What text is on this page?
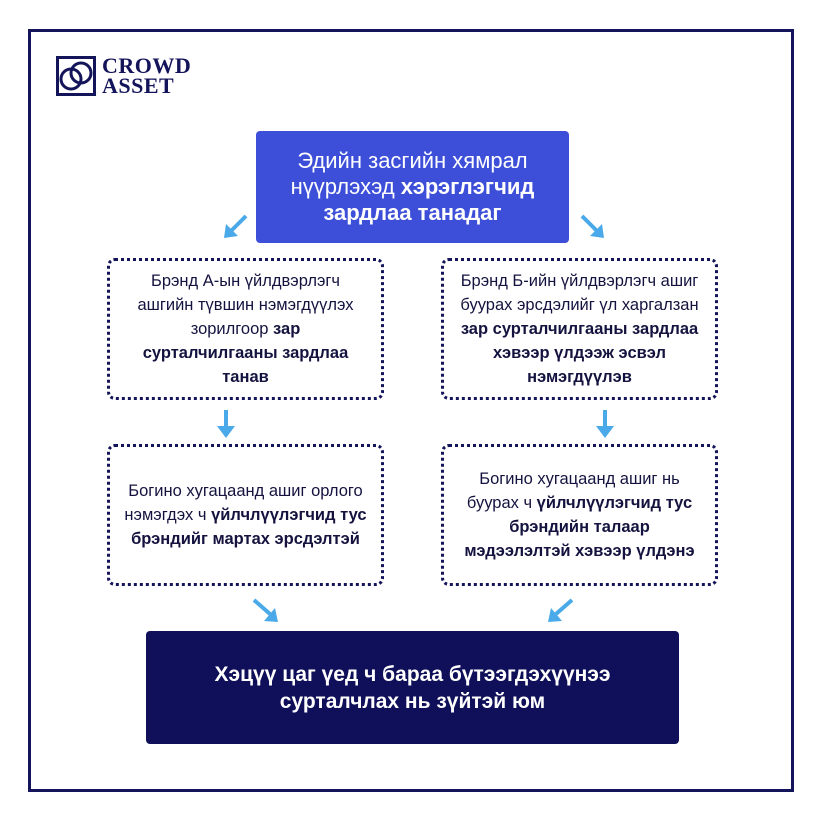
CROWD
ASSET
Эдийн засгийн хямрал
нүүрлэхэд хэрэглэгчид
зардлаа танадаг
Брэнд А-ын үйлдвэрлэгч ашгийн түвшин нэмэгдүүлэх зорилгоор зар сурталчилгааны зардлаа танав
Брэнд Б-ийн үйлдвэрлэгч ашиг буурах эрсдэлийг үл харгалзан зар сурталчилгааны зардлаа хэвээр үлдээж эсвэл нэмэгдүүлэв
Богино хугацаанд ашиг орлого нэмэгдэх ч үйлчлүүлэгчид тус брэндийг мартах эрсдэлтэй
Богино хугацаанд ашиг нь буурах ч үйлчлүүлэгчид тус брэндийн талаар мэдээлэлтэй хэвээр үлдэнэ
Хэцүү цаг үед ч бараа бүтээгдэхүүнээ сурталчлах нь зүйтэй юм
